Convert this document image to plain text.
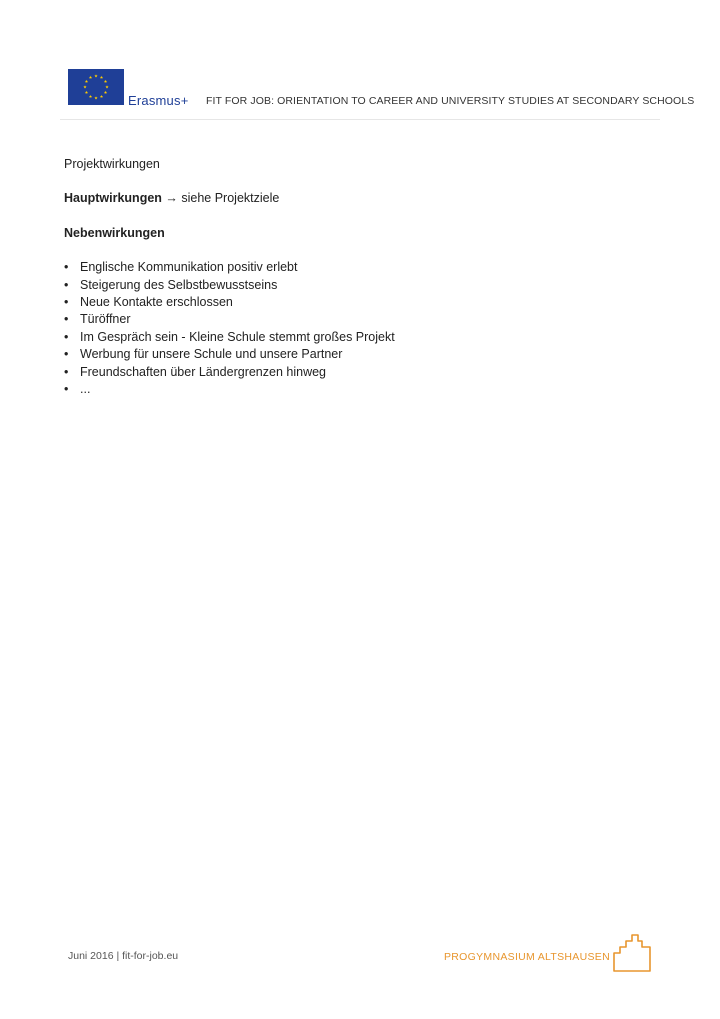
Erasmus+ FIT FOR JOB: ORIENTATION TO CAREER AND UNIVERSITY STUDIES AT SECONDARY SCHOOLS

Projektwirkungen

Hauptwirkungen → siehe Projektziele

Nebenwirkungen

• Englische Kommunikation positiv erlebt
• Steigerung des Selbstbewusstseins
• Neue Kontakte erschlossen
• Türöffner
• Im Gespräch sein - Kleine Schule stemmt großes Projekt
• Werbung für unsere Schule und unsere Partner
• Freundschaften über Ländergrenzen hinweg
• ...
Juni 2016 | fit-for-job.eu	PROGYMNASIUM ALTSHAUSEN
